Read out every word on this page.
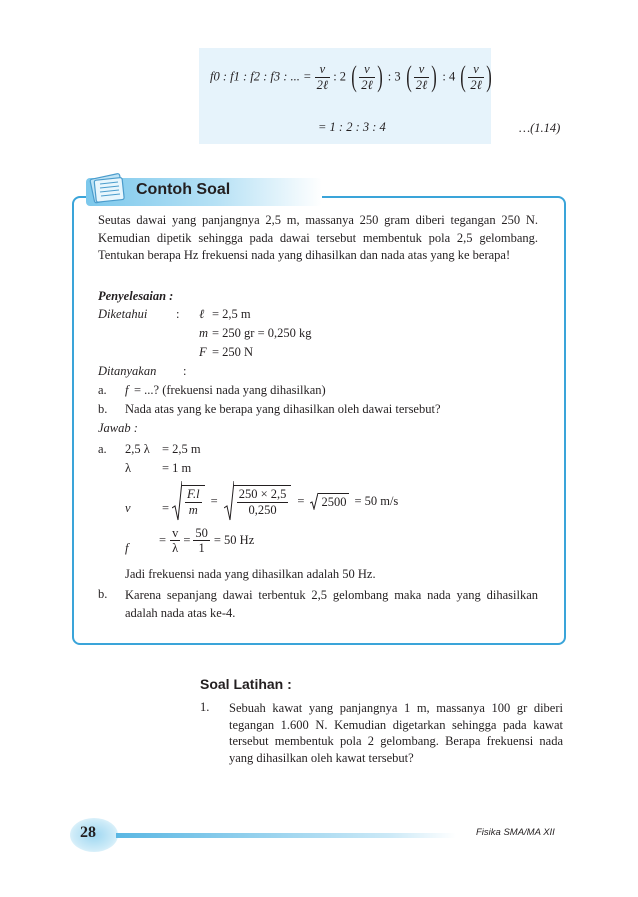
f0 : f1 : f2 : f3 : ... = $\frac{v}{\text{2ℓ}}$ : 2 ( $\frac{v}{\text{2ℓ}}$ ) : 3 ( $\frac{v}{\text{2ℓ}}$ ) : 4 ( $\frac{v}{\text{2ℓ}}$ )
= 1 : 2 : 3 : 4	…(1.14)
Contoh Soal
Seutas dawai yang panjangnya 2,5 m, massanya 250 gram diberi tegangan 250 N. Kemudian dipetik sehingga pada dawai tersebut membentuk pola 2,5 gelombang. Tentukan berapa Hz frekuensi nada yang dihasilkan dan nada atas yang ke berapa!
Penyelesaian :
Diketahui : ℓ = 2,5 m
m = 250 gr = 0,250 kg
F = 250 N
Ditanyakan :
a. f = ...? (frekuensi nada yang dihasilkan)
b. Nada atas yang ke berapa yang dihasilkan oleh dawai tersebut?
Jawab :
a. 2,5 λ = 2,5 m
λ = 1 m
v	= $\frac{F.l}{m} = \frac{250 \times 2,5}{0,250}$ =	2500 = 50 m/s
f
= $\frac{v}{\lambda} = \frac{50}{1} = 50$ Hz
Jadi frekuensi nada yang dihasilkan adalah 50 Hz.
b. Karena sepanjang dawai terbentuk 2,5 gelombang maka nada yang dihasilkan adalah nada atas ke-4.
Soal Latihan :
1. Sebuah kawat yang panjangnya 1 m, massanya 100 gr diberi tegangan 1.600 N. Kemudian digetarkan sehingga pada kawat tersebut membentuk pola 2 gelombang. Berapa frekuensi nada yang dihasilkan oleh kawat tersebut?
28	Fisika SMA/MA XII
